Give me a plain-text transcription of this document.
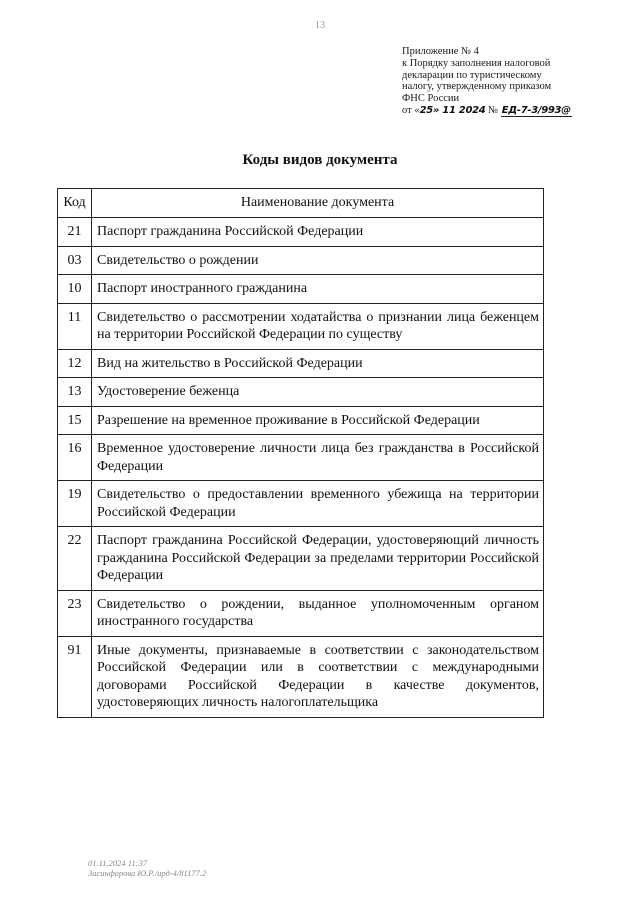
13
Приложение № 4
к Порядку заполнения налоговой
декларации по туристическому
налогу, утвержденному приказом
ФНС России
от «25» 11 2024 № ЕД-7-3/993@
Коды видов документа
Код	Наименование документа
21	Паспорт гражданина Российской Федерации
03	Свидетельство о рождении
10	Паспорт иностранного гражданина
11	Свидетельство о рассмотрении ходатайства о признании лица беженцем на территории Российской Федерации по существу
12	Вид на жительство в Российской Федерации
13	Удостоверение беженца
15	Разрешение на временное проживание в Российской Федерации
16	Временное удостоверение личности лица без гражданства в Российской Федерации
19	Свидетельство о предоставлении временного убежища на территории Российской Федерации
22	Паспорт гражданина Российской Федерации, удостоверяющий личность гражданина Российской Федерации за пределами территории Российской Федерации
23	Свидетельство о рождении, выданное уполномоченным органом иностранного государства
91	Иные документы, признаваемые в соответствии с законодательством Российской Федерации или в соответствии с международными договорами Российской Федерации в качестве документов, удостоверяющих личность налогоплательщика
01.11.2024 11:37
Засинфорова Ю.Р./ирд-4/81177.2
